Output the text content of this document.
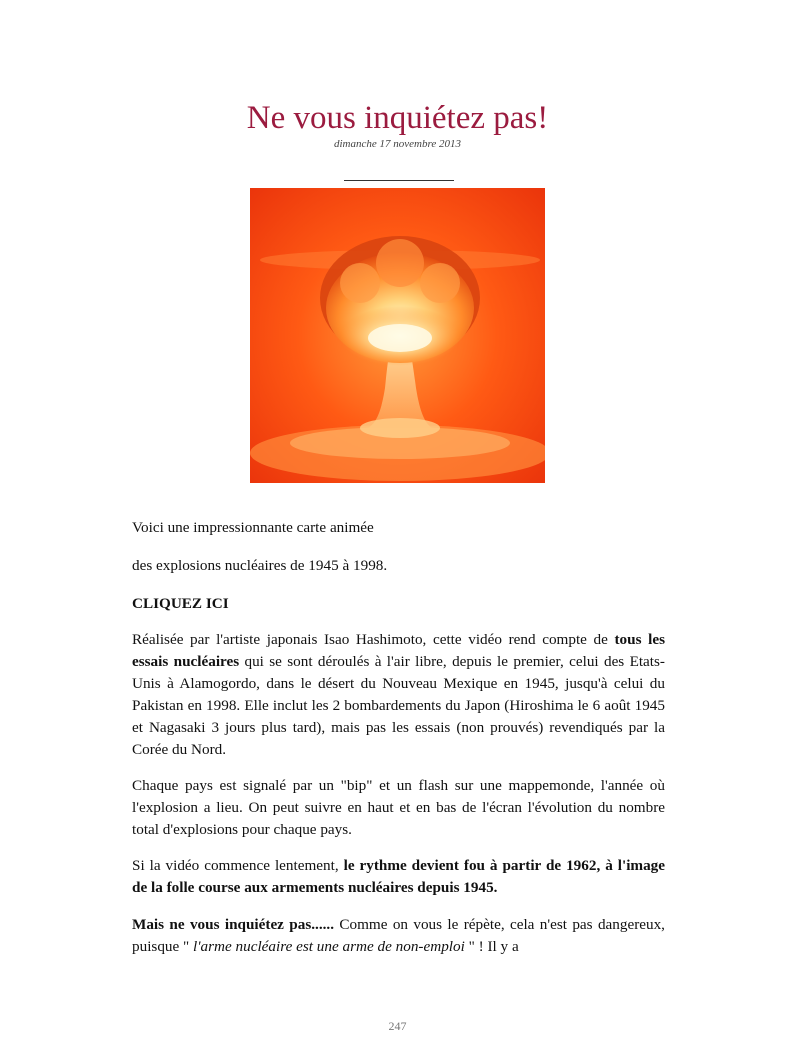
Ne vous inquiétez pas!
dimanche 17 novembre 2013

Voici une impressionnante carte animée

des explosions nucléaires de 1945 à 1998.

CLIQUEZ ICI

Réalisée par l'artiste japonais Isao Hashimoto, cette vidéo rend compte de tous les essais nucléaires qui se sont déroulés à l'air libre, depuis le premier, celui des Etats-Unis à Alamogordo, dans le désert du Nouveau Mexique en 1945, jusqu'à celui du Pakistan en 1998. Elle inclut les 2 bombardements du Japon (Hiroshima le 6 août 1945 et Nagasaki 3 jours plus tard), mais pas les essais (non prouvés) revendiqués par la Corée du Nord.

Chaque pays est signalé par un "bip" et un flash sur une mappemonde, l'année où l'explosion a lieu. On peut suivre en haut et en bas de l'écran l'évolution du nombre total d'explosions pour chaque pays.

Si la vidéo commence lentement, le rythme devient fou à partir de 1962, à l'image de la folle course aux armements nucléaires depuis 1945.

Mais ne vous inquiétez pas...... Comme on vous le répète, cela n'est pas dangereux, puisque " l'arme nucléaire est une arme de non-emploi " ! Il y a

247
